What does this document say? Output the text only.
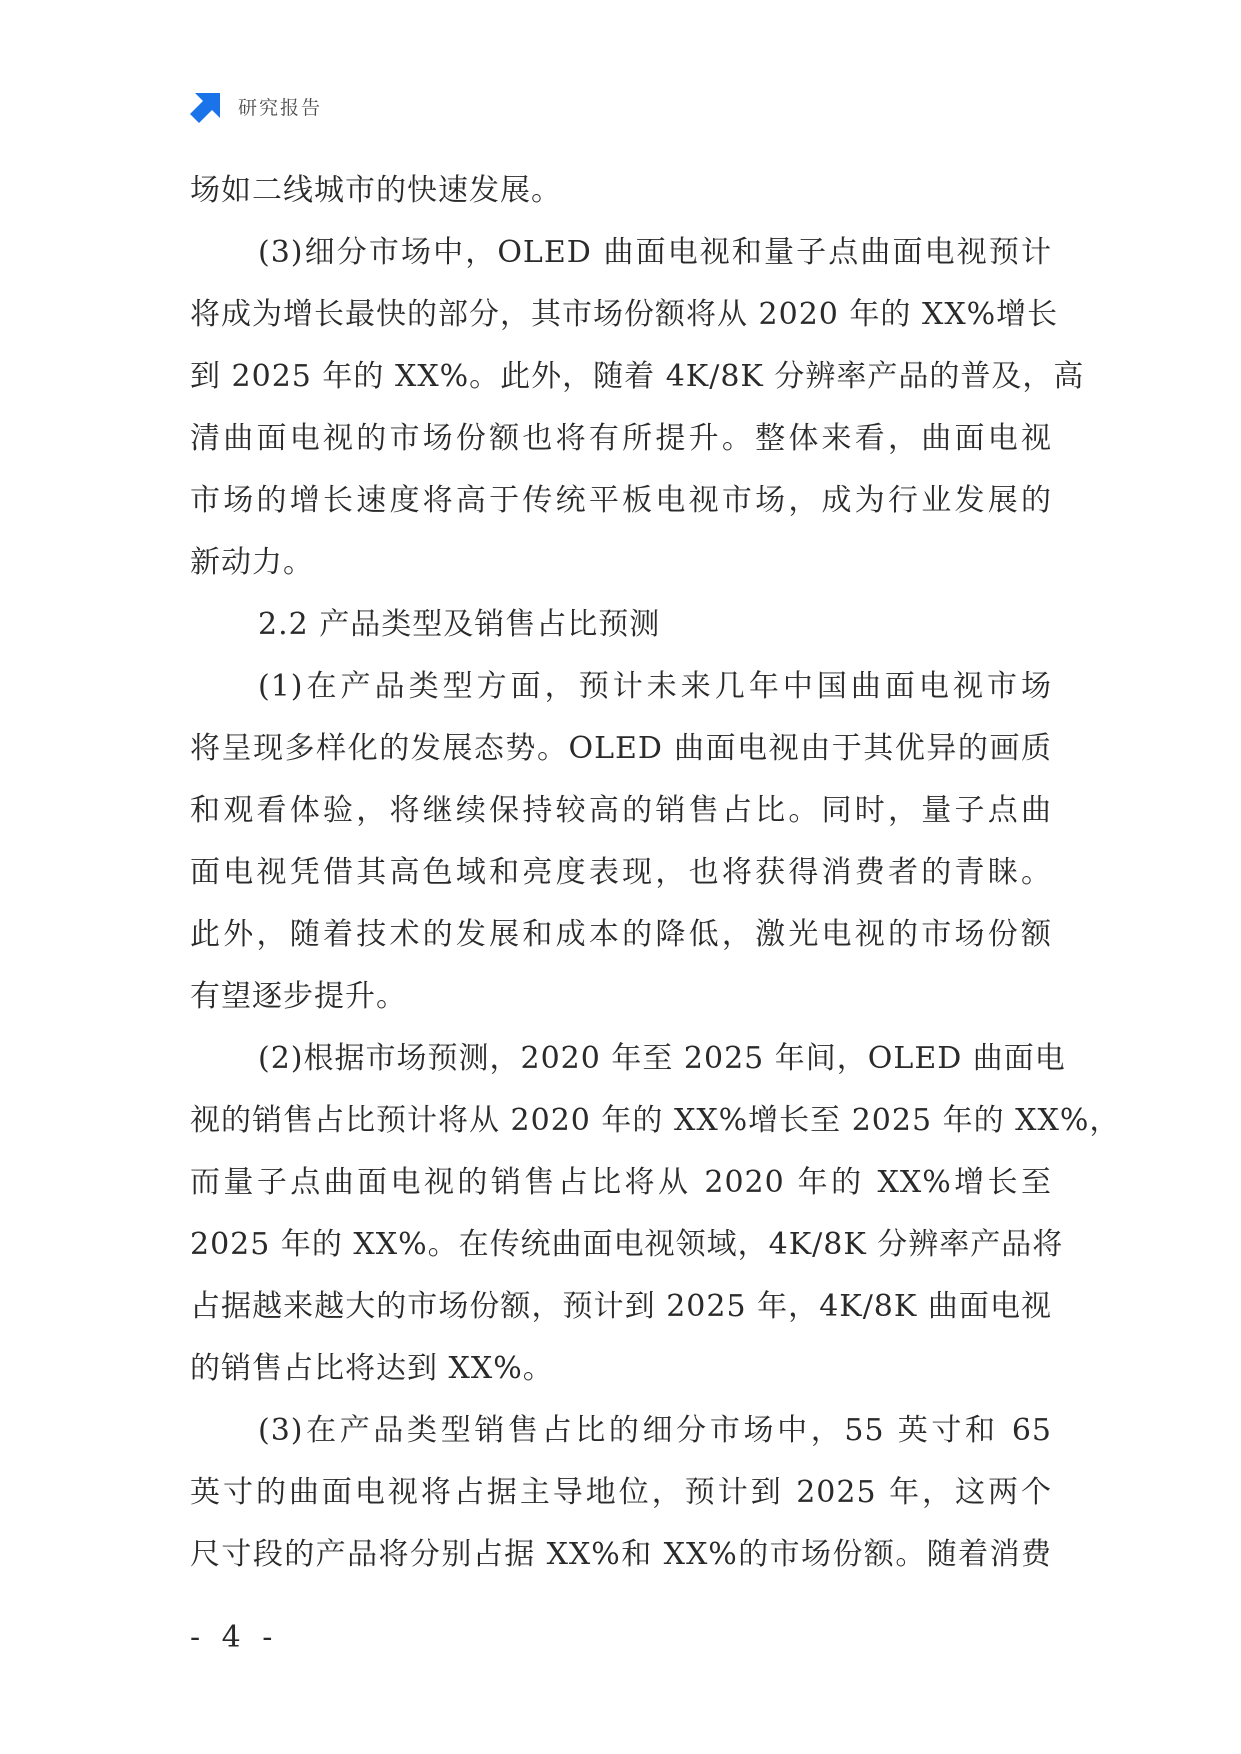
研究报告
场如二线城市的快速发展。
(3)细分市场中，OLED 曲面电视和量子点曲面电视预计
将成为增长最快的部分，其市场份额将从 2020 年的 XX%增长
到 2025 年的 XX%。此外，随着 4K/8K 分辨率产品的普及，高
清曲面电视的市场份额也将有所提升。整体来看，曲面电视
市场的增长速度将高于传统平板电视市场，成为行业发展的
新动力。
2.2 产品类型及销售占比预测
(1)在产品类型方面，预计未来几年中国曲面电视市场
将呈现多样化的发展态势。OLED 曲面电视由于其优异的画质
和观看体验，将继续保持较高的销售占比。同时，量子点曲
面电视凭借其高色域和亮度表现，也将获得消费者的青睐。
此外，随着技术的发展和成本的降低，激光电视的市场份额
有望逐步提升。
(2)根据市场预测，2020 年至 2025 年间，OLED 曲面电
视的销售占比预计将从 2020 年的 XX%增长至 2025 年的 XX%，
而量子点曲面电视的销售占比将从 2020 年的 XX%增长至
2025 年的 XX%。在传统曲面电视领域，4K/8K 分辨率产品将
占据越来越大的市场份额，预计到 2025 年，4K/8K 曲面电视
的销售占比将达到 XX%。
(3)在产品类型销售占比的细分市场中，55 英寸和 65
英寸的曲面电视将占据主导地位，预计到 2025 年，这两个
尺寸段的产品将分别占据 XX%和 XX%的市场份额。随着消费
- 4 -
